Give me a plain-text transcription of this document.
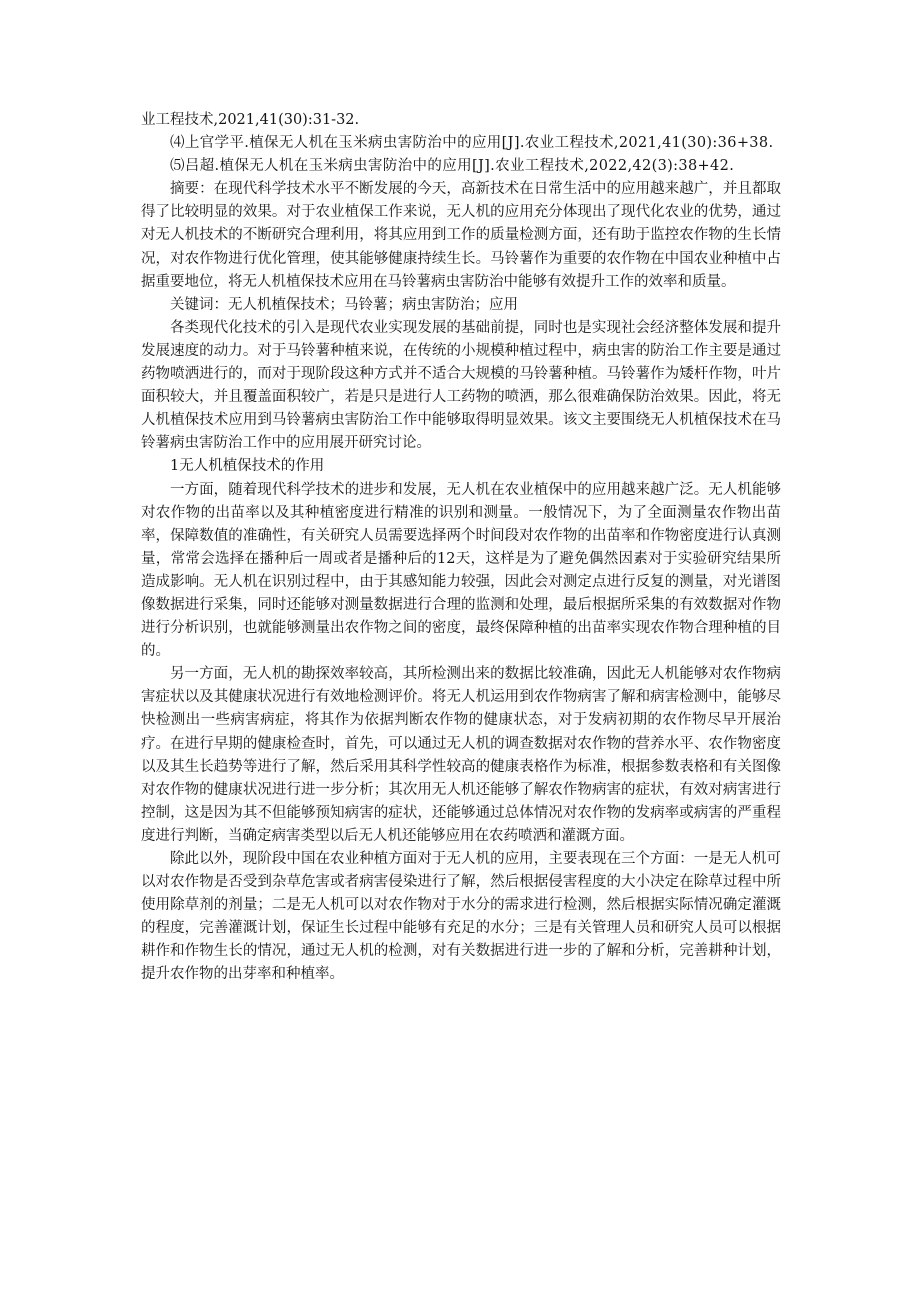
业工程技术,2021,41(30):31-32.

⑷上官学平.植保无人机在玉米病虫害防治中的应用[J].农业工程技术,2021,41(30):36+38.

⑸吕超.植保无人机在玉米病虫害防治中的应用[J].农业工程技术,2022,42(3):38+42.

摘要：在现代科学技术水平不断发展的今天，高新技术在日常生活中的应用越来越广，并且都取得了比较明显的效果。对于农业植保工作来说，无人机的应用充分体现出了现代化农业的优势，通过对无人机技术的不断研究合理利用，将其应用到工作的质量检测方面，还有助于监控农作物的生长情况，对农作物进行优化管理，使其能够健康持续生长。马铃薯作为重要的农作物在中国农业种植中占据重要地位，将无人机植保技术应用在马铃薯病虫害防治中能够有效提升工作的效率和质量。

关键词：无人机植保技术；马铃薯；病虫害防治；应用

各类现代化技术的引入是现代农业实现发展的基础前提，同时也是实现社会经济整体发展和提升发展速度的动力。对于马铃薯种植来说，在传统的小规模种植过程中，病虫害的防治工作主要是通过药物喷洒进行的，而对于现阶段这种方式并不适合大规模的马铃薯种植。马铃薯作为矮杆作物，叶片面积较大，并且覆盖面积较广，若是只是进行人工药物的喷洒，那么很难确保防治效果。因此，将无人机植保技术应用到马铃薯病虫害防治工作中能够取得明显效果。该文主要围绕无人机植保技术在马铃薯病虫害防治工作中的应用展开研究讨论。

1无人机植保技术的作用

一方面，随着现代科学技术的进步和发展，无人机在农业植保中的应用越来越广泛。无人机能够对农作物的出苗率以及其种植密度进行精准的识别和测量。一般情况下，为了全面测量农作物出苗率，保障数值的准确性，有关研究人员需要选择两个时间段对农作物的出苗率和作物密度进行认真测量，常常会选择在播种后一周或者是播种后的12天，这样是为了避免偶然因素对于实验研究结果所造成影响。无人机在识别过程中，由于其感知能力较强，因此会对测定点进行反复的测量，对光谱图像数据进行采集，同时还能够对测量数据进行合理的监测和处理，最后根据所采集的有效数据对作物进行分析识别，也就能够测量出农作物之间的密度，最终保障种植的出苗率实现农作物合理种植的目的。

另一方面，无人机的勘探效率较高，其所检测出来的数据比较准确，因此无人机能够对农作物病害症状以及其健康状况进行有效地检测评价。将无人机运用到农作物病害了解和病害检测中，能够尽快检测出一些病害病症，将其作为依据判断农作物的健康状态，对于发病初期的农作物尽早开展治疗。在进行早期的健康检查时，首先，可以通过无人机的调查数据对农作物的营养水平、农作物密度以及其生长趋势等进行了解，然后采用其科学性较高的健康表格作为标准，根据参数表格和有关图像对农作物的健康状况进行进一步分析；其次用无人机还能够了解农作物病害的症状，有效对病害进行控制，这是因为其不但能够预知病害的症状，还能够通过总体情况对农作物的发病率或病害的严重程度进行判断，当确定病害类型以后无人机还能够应用在农药喷洒和灌溉方面。

除此以外，现阶段中国在农业种植方面对于无人机的应用，主要表现在三个方面：一是无人机可以对农作物是否受到杂草危害或者病害侵染进行了解，然后根据侵害程度的大小决定在除草过程中所使用除草剂的剂量；二是无人机可以对农作物对于水分的需求进行检测，然后根据实际情况确定灌溉的程度，完善灌溉计划，保证生长过程中能够有充足的水分；三是有关管理人员和研究人员可以根据耕作和作物生长的情况，通过无人机的检测，对有关数据进行进一步的了解和分析，完善耕种计划，提升农作物的出芽率和种植率。
